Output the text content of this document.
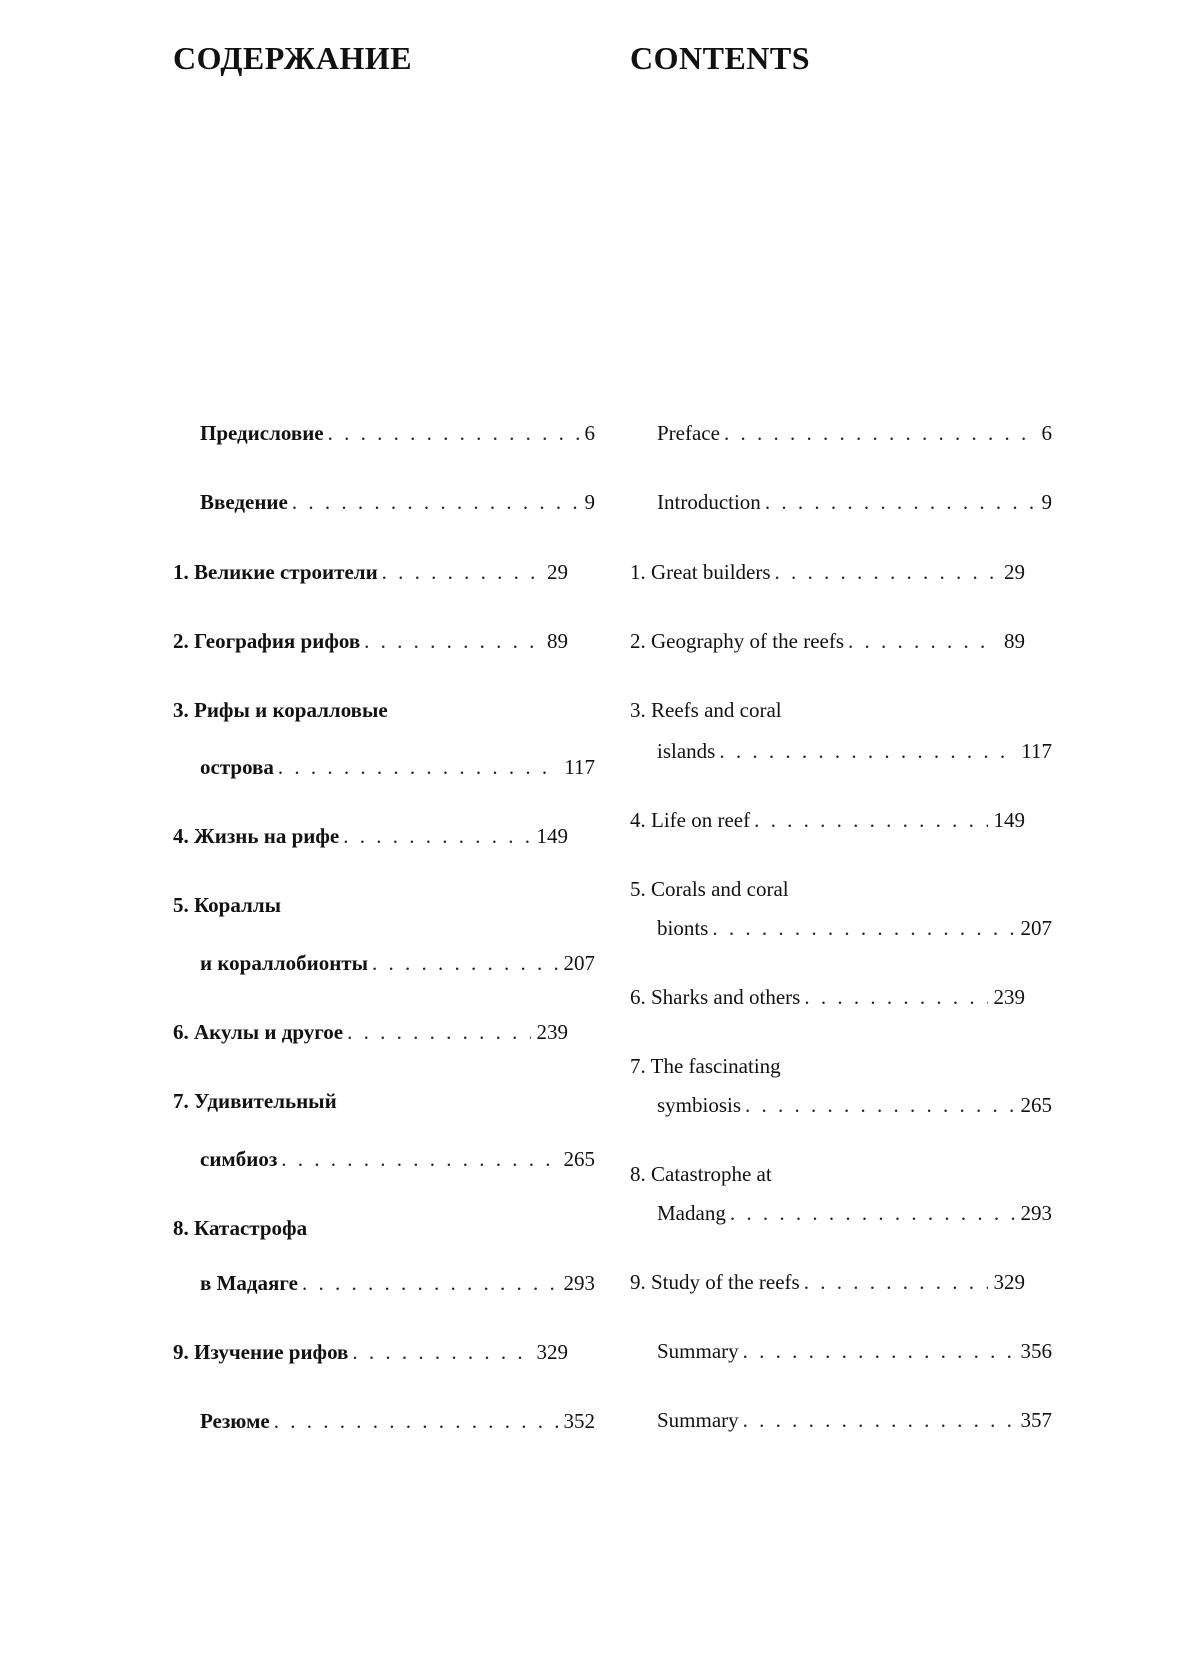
СОДЕРЖАНИЕ	CONTENTS
Предисловие . . .	6
Введение . . .	9
1. Великие строители . . .	29
2. География рифов . . .	89
3. Рифы и коралловые
острова . . .	117
4. Жизнь на рифе . . .	149
5. Кораллы
и кораллобионты . . .	207
6. Акулы и другое . . .	239
7. Удивительный
симбиоз . . .	265
8. Катастрофа
в Мадаяге . . .	293
9. Изучение рифов . . .	329
Резюме . . .	352
Preface . . .	6
Introduction . . .	9
1. Great builders . . .	29
2. Geography of the reefs . . .	89
3. Reefs and coral
islands . . .	117
4. Life on reef . . .	149
5. Corals and coral
bionts . . .	207
6. Sharks and others . . .	239
7. The fascinating
symbiosis . . .	265
8. Catastrophe at
Madang . . .	293
9. Study of the reefs . . .	329
Summary . . .	356
Summary . . .	357
